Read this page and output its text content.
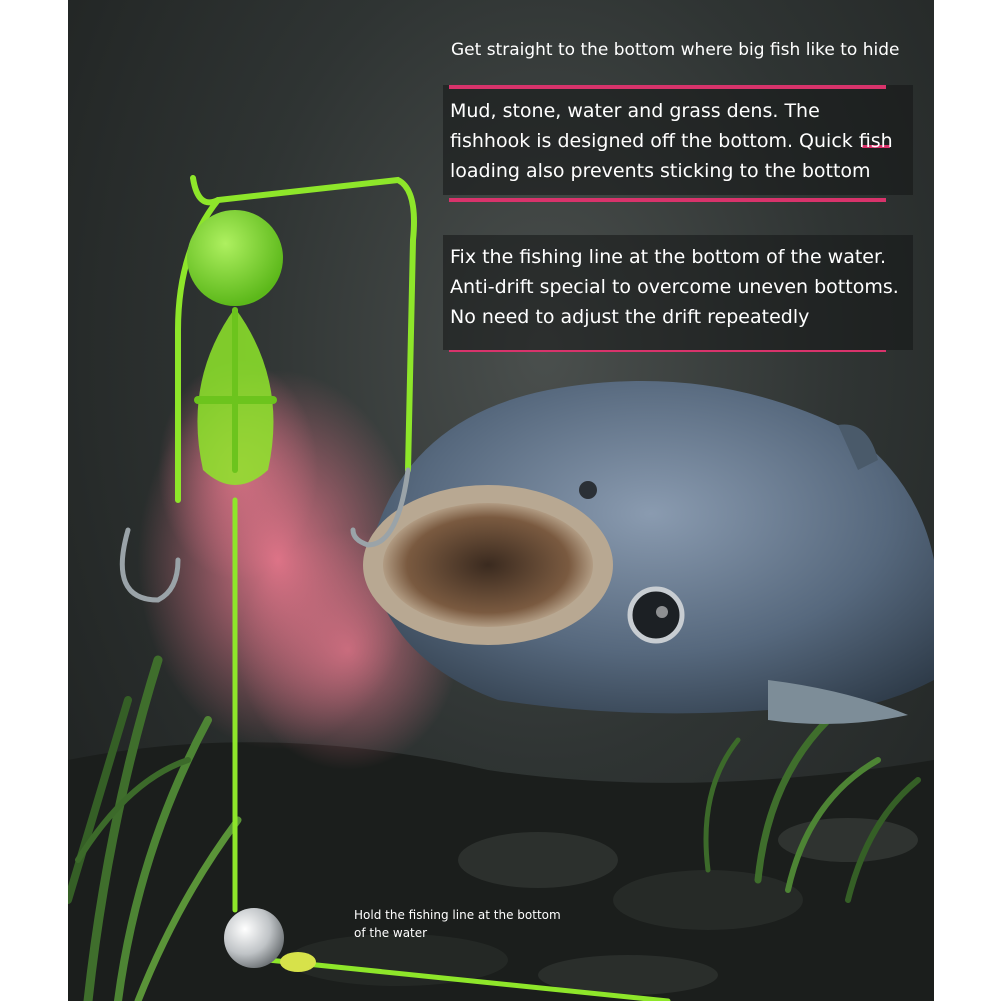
Get straight to the bottom where big fish like to hide
Mud, stone, water and grass dens. The fishhook is designed off the bottom. Quick fish loading also prevents sticking to the bottom
Fix the fishing line at the bottom of the water. Anti-drift special to overcome uneven bottoms. No need to adjust the drift repeatedly
Hold the fishing line at the bottom of the water
